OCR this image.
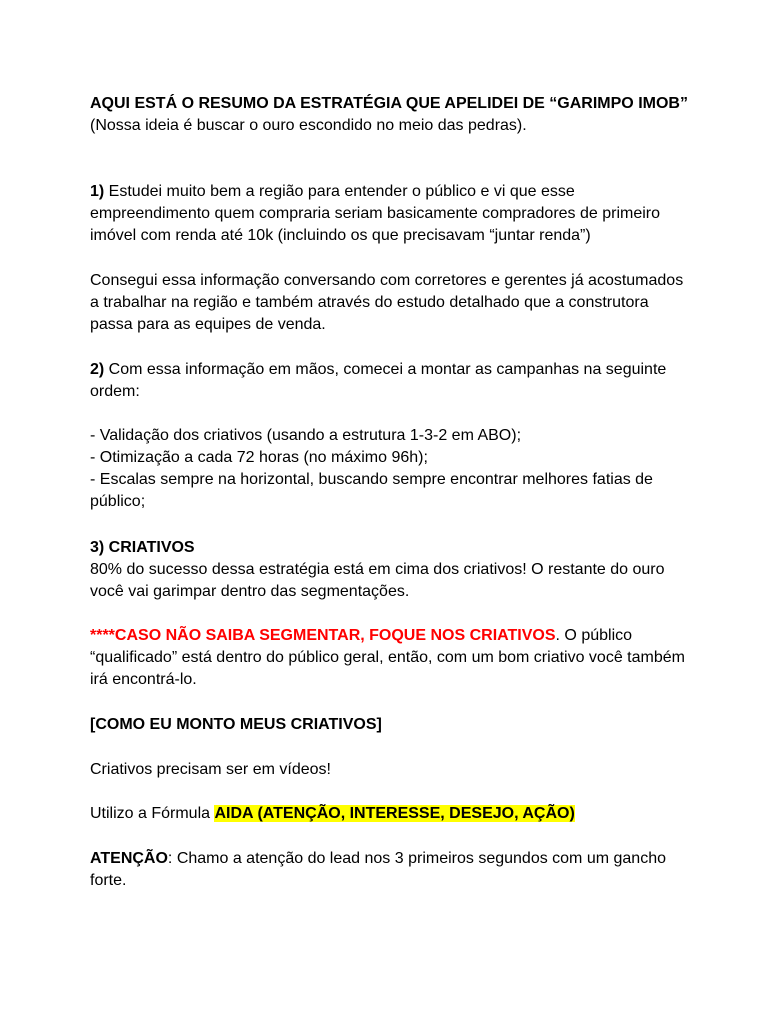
AQUI ESTÁ O RESUMO DA ESTRATÉGIA QUE APELIDEI DE “GARIMPO IMOB” (Nossa ideia é buscar o ouro escondido no meio das pedras).

1) Estudei muito bem a região para entender o público e vi que esse empreendimento quem compraria seriam basicamente compradores de primeiro imóvel com renda até 10k (incluindo os que precisavam “juntar renda”)

Consegui essa informação conversando com corretores e gerentes já acostumados a trabalhar na região e também através do estudo detalhado que a construtora passa para as equipes de venda.

2) Com essa informação em mãos, comecei a montar as campanhas na seguinte ordem:

- Validação dos criativos (usando a estrutura 1-3-2 em ABO);
- Otimização a cada 72 horas (no máximo 96h);
- Escalas sempre na horizontal, buscando sempre encontrar melhores fatias de público;
3) CRIATIVOS
80% do sucesso dessa estratégia está em cima dos criativos! O restante do ouro você vai garimpar dentro das segmentações.

****CASO NÃO SAIBA SEGMENTAR, FOQUE NOS CRIATIVOS. O público “qualificado” está dentro do público geral, então, com um bom criativo você também irá encontrá-lo.

[COMO EU MONTO MEUS CRIATIVOS]

Criativos precisam ser em vídeos!

Utilizo a Fórmula AIDA (ATENÇÃO, INTERESSE, DESEJO, AÇÃO)

ATENÇÃO: Chamo a atenção do lead nos 3 primeiros segundos com um gancho forte.
